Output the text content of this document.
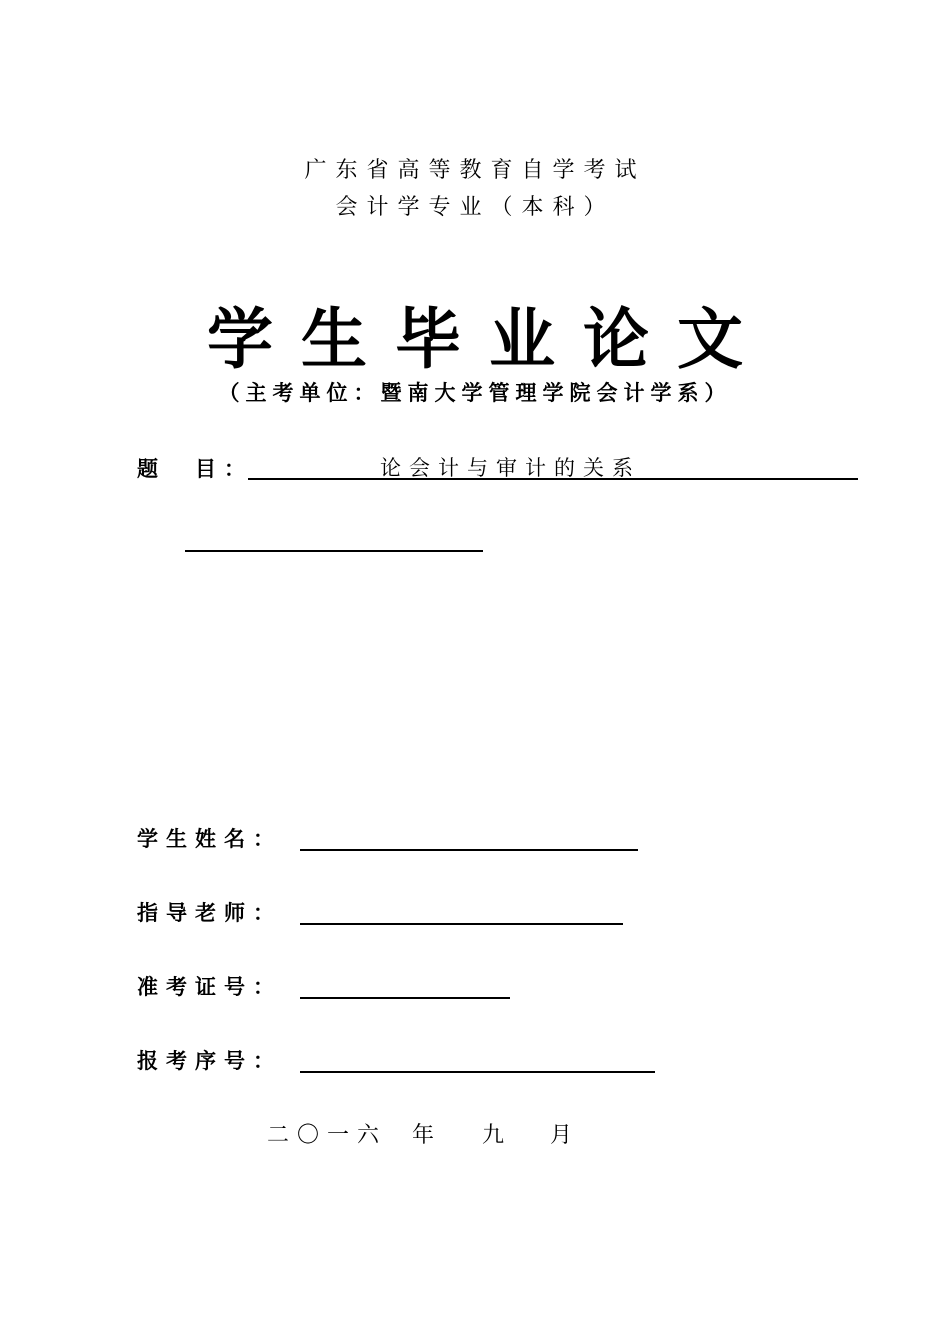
广东省高等教育自学考试
会计学专业（本科）
学生毕业论文
（主考单位：暨南大学管理学院会计学系）
题　目：	论会计与审计的关系
学生姓名：
指导老师：
准考证号：
报考序号：
二〇一六 年 九 月
